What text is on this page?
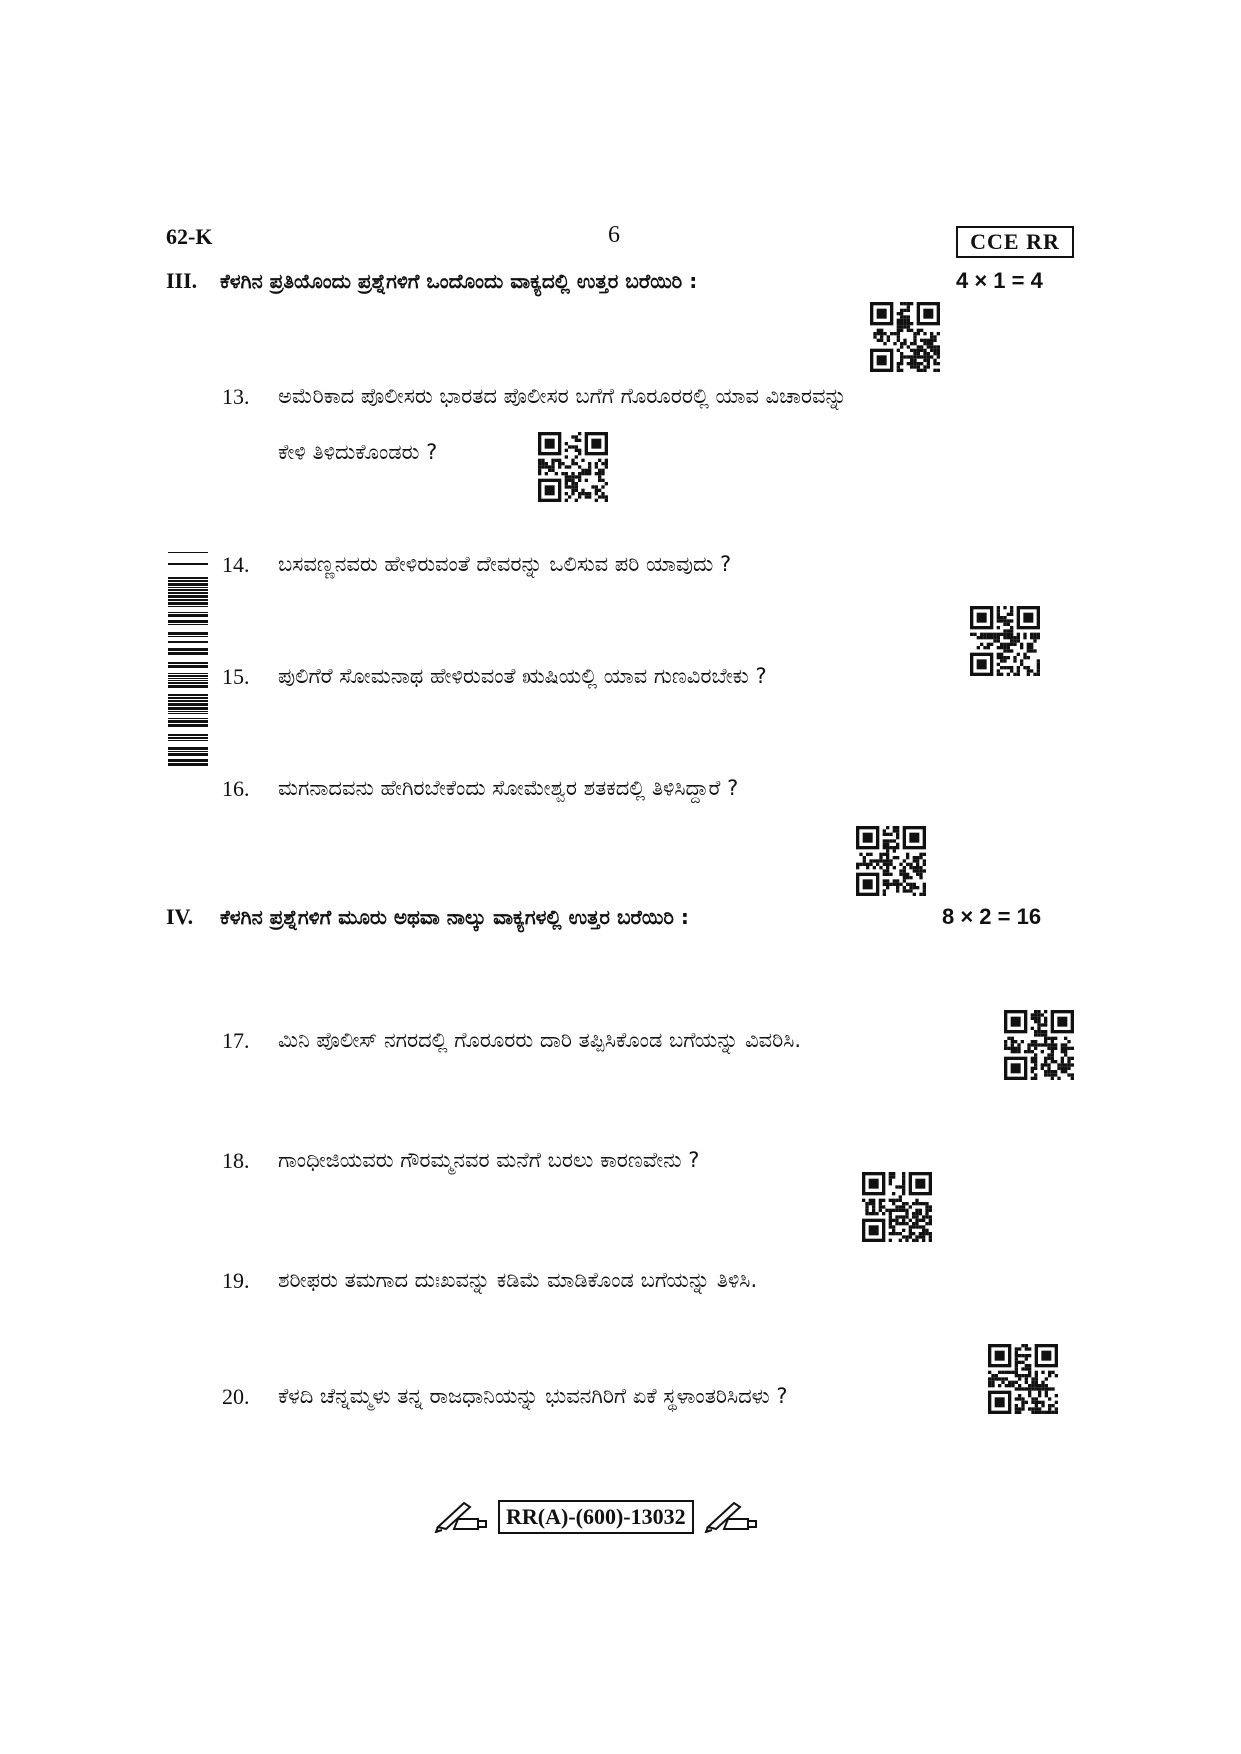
62-K	6	CCE RR
III. ಕೆಳಗಿನ ಪ್ರತಿಯೊಂದು ಪ್ರಶ್ನೆಗಳಿಗೆ ಒಂದೊಂದು ವಾಕ್ಯದಲ್ಲಿ ಉತ್ತರ ಬರೆಯಿರಿ :	4 × 1 = 4
13. ಅಮೆರಿಕಾದ ಪೊಲೀಸರು ಭಾರತದ ಪೊಲೀಸರ ಬಗೆಗೆ ಗೊರೂರರಲ್ಲಿ ಯಾವ ವಿಚಾರವನ್ನು
ಕೇಳಿ ತಿಳಿದುಕೊಂಡರು ?
14. ಬಸವಣ್ಣನವರು ಹೇಳಿರುವಂತೆ ದೇವರನ್ನು ಒಲಿಸುವ ಪರಿ ಯಾವುದು ?
15. ಪುಲಿಗೆರೆ ಸೋಮನಾಥ ಹೇಳಿರುವಂತೆ ಋಷಿಯಲ್ಲಿ ಯಾವ ಗುಣವಿರಬೇಕು ?
16. ಮಗನಾದವನು ಹೇಗಿರಬೇಕೆಂದು ಸೋಮೇಶ್ವರ ಶತಕದಲ್ಲಿ ತಿಳಿಸಿದ್ದಾರೆ ?
IV. ಕೆಳಗಿನ ಪ್ರಶ್ನೆಗಳಿಗೆ ಮೂರು ಅಥವಾ ನಾಲ್ಕು ವಾಕ್ಯಗಳಲ್ಲಿ ಉತ್ತರ ಬರೆಯಿರಿ :	8 × 2 = 16
17. ಮಿನಿ ಪೊಲೀಸ್ ನಗರದಲ್ಲಿ ಗೊರೂರರು ದಾರಿ ತಪ್ಪಿಸಿಕೊಂಡ ಬಗೆಯನ್ನು ವಿವರಿಸಿ.
18. ಗಾಂಧೀಜಿಯವರು ಗೌರಮ್ಮನವರ ಮನೆಗೆ ಬರಲು ಕಾರಣವೇನು ?
19. ಶರೀಫರು ತಮಗಾದ ದುಃಖವನ್ನು ಕಡಿಮೆ ಮಾಡಿಕೊಂಡ ಬಗೆಯನ್ನು ತಿಳಿಸಿ.
20. ಕೆಳದಿ ಚೆನ್ನಮ್ಮಳು ತನ್ನ ರಾಜಧಾನಿಯನ್ನು ಭುವನಗಿರಿಗೆ ಏಕೆ ಸ್ಥಳಾಂತರಿಸಿದಳು ?
RR(A)-(600)-13032
